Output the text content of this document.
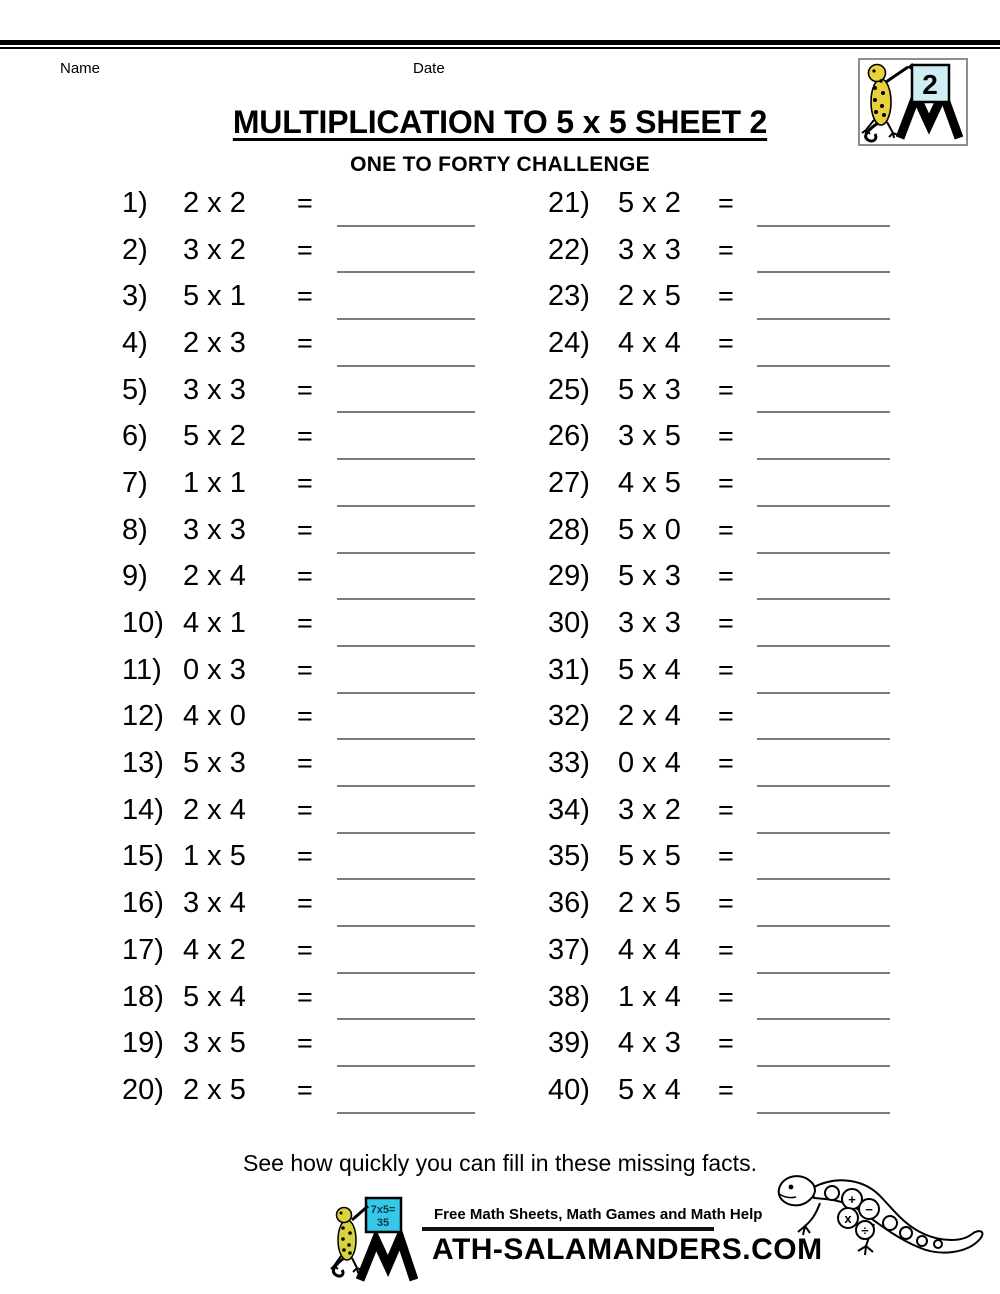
Name	Date
2
MULTIPLICATION TO 5 x 5 SHEET 2
ONE TO FORTY CHALLENGE
1)	2 x 2	=
2)	3 x 2	=
3)	5 x 1	=
4)	2 x 3	=
5)	3 x 3	=
6)	5 x 2	=
7)	1 x 1	=
8)	3 x 3	=
9)	2 x 4	=
10) 4 x 1	=
11) 0 x 3	=
12) 4 x 0	=
13) 5 x 3	=
14) 2 x 4	=
15) 1 x 5	=
16) 3 x 4	=
17) 4 x 2	=
18) 5 x 4	=
19) 3 x 5	=
20) 2 x 5	=
21) 5 x 2	=
22) 3 x 3	=
23) 2 x 5	=
24) 4 x 4	=
25) 5 x 3	=
26) 3 x 5	=
27) 4 x 5	=
28) 5 x 0	=
29) 5 x 3	=
30) 3 x 3	=
31) 5 x 4	=
32) 2 x 4	=
33) 0 x 4	=
34) 3 x 2	=
35) 5 x 5	=
36) 2 x 5	=
37) 4 x 4	=
38) 1 x 4	=
39) 4 x 3	=
40) 5 x 4	=
See how quickly you can fill in these missing facts.
7x5=
35	Free Math Sheets, Math Games and Math Help
ATH-SALAMANDERS.COM
+
x
−
÷
